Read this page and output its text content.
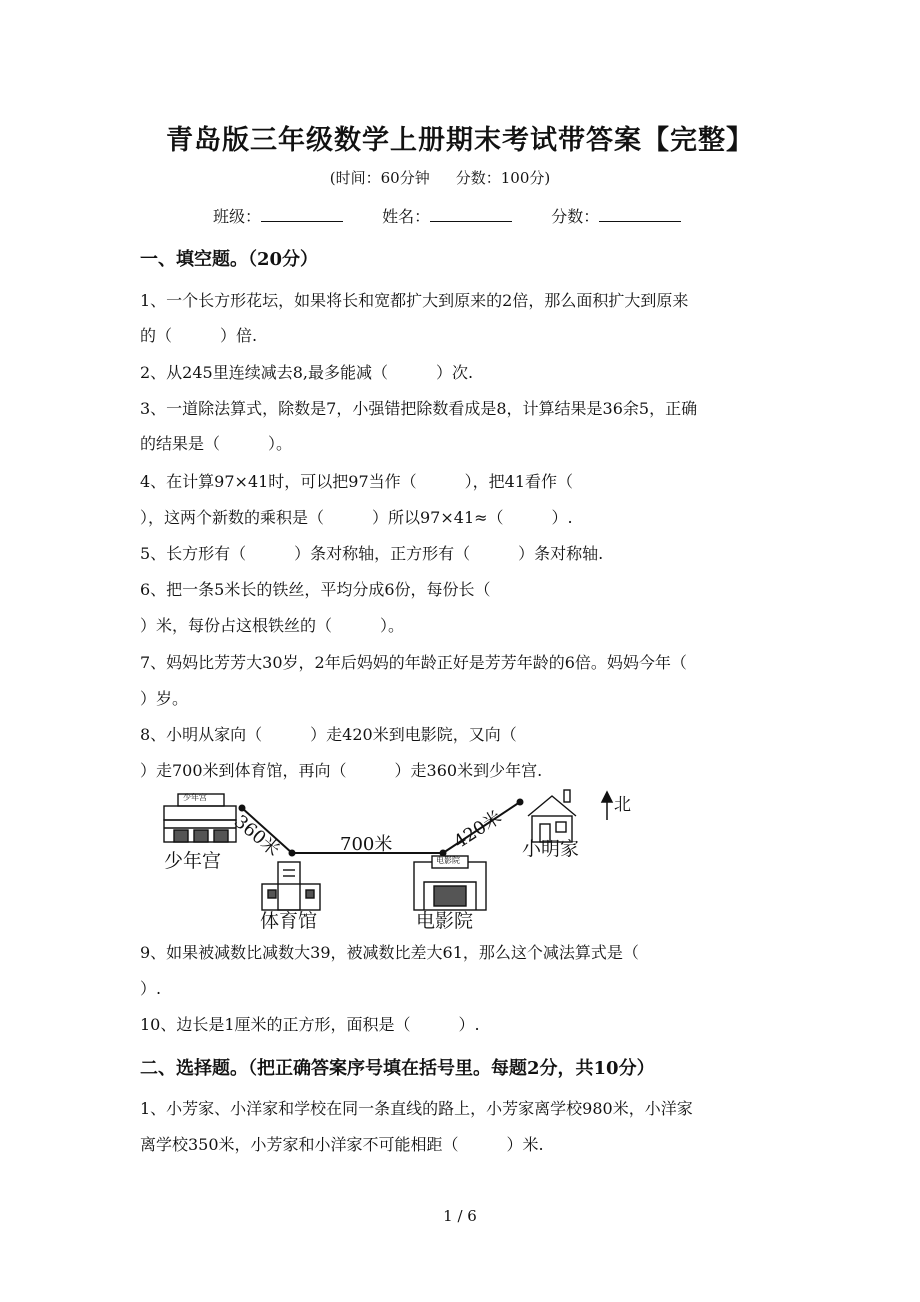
青岛版三年级数学上册期末考试带答案【完整】
(时间：60分钟 分数：100分)
班级：	姓名：	分数：
一、填空题。（20分）
1、一个长方形花坛，如果将长和宽都扩大到原来的2倍，那么面积扩大到原来
的（　　　）倍.
2、从245里连续减去8,最多能减（　　　）次.
3、一道除法算式，除数是7，小强错把除数看成是8，计算结果是36余5，正确
的结果是（　　　）。
4、在计算97×41时，可以把97当作（　　　），把41看作（
），这两个新数的乘积是（　　　）所以97×41≈（　　　）.
5、长方形有（　　　）条对称轴，正方形有（　　　）条对称轴.
6、把一条5米长的铁丝，平均分成6份，每份长（
）米，每份占这根铁丝的（　　　）。
7、妈妈比芳芳大30岁，2年后妈妈的年龄正好是芳芳年龄的6倍。妈妈今年（
）岁。
8、小明从家向（　　　）走420米到电影院，又向（
）走700米到体育馆，再向（　　　）走360米到少年宫.
少年宫
少年宫
体育馆	电影院
电影院
小明家
北
360米	700米	420米
9、如果被减数比减数大39，被减数比差大61，那么这个减法算式是（
）.
10、边长是1厘米的正方形，面积是（　　　）.
二、选择题。（把正确答案序号填在括号里。每题2分，共10分）
1、小芳家、小洋家和学校在同一条直线的路上，小芳家离学校980米，小洋家
离学校350米，小芳家和小洋家不可能相距（　　　）米.
1 / 6
